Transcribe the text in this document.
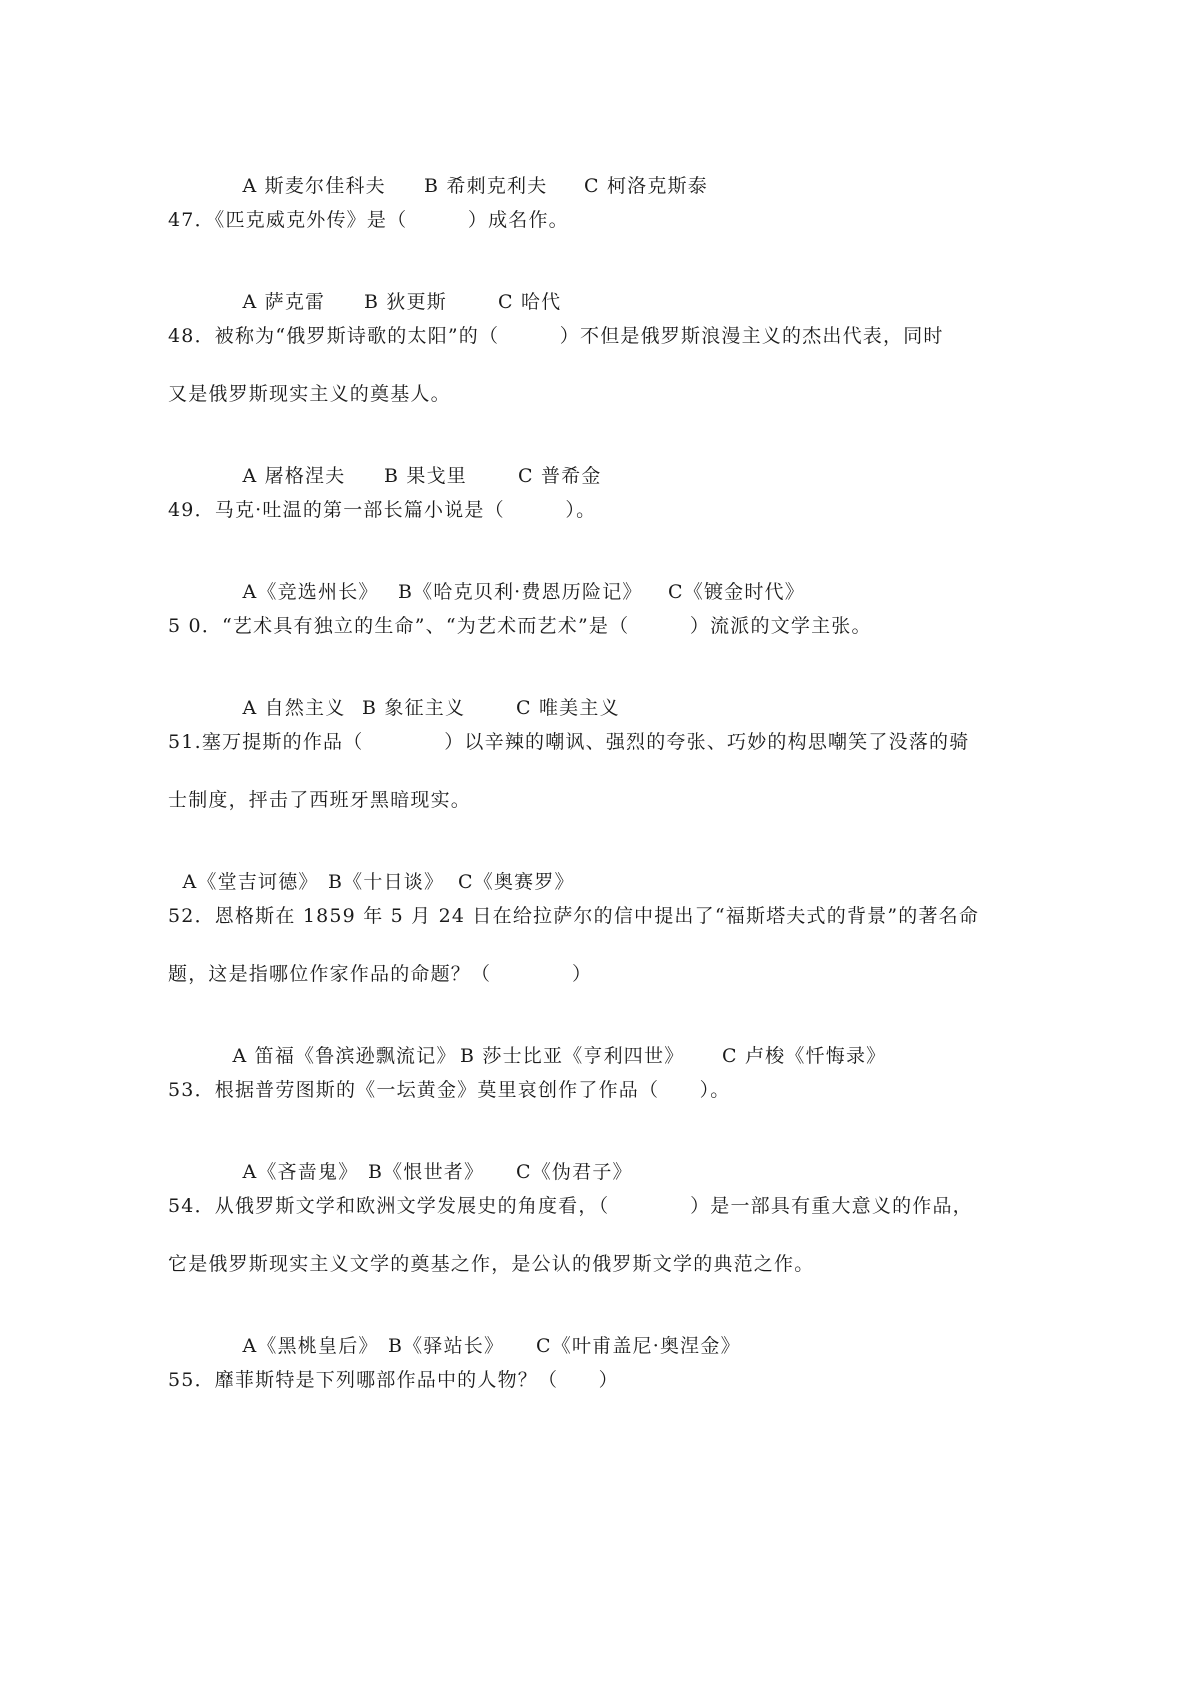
A 斯麦尔佳科夫 B 希刺克利夫 C 柯洛克斯泰

47．《匹克威克外传》是（　　　）成名作。

A 萨克雷 B 狄更斯	C 哈代

48．被称为“俄罗斯诗歌的太阳”的（　　　）不但是俄罗斯浪漫主义的杰出代表，同时
又是俄罗斯现实主义的奠基人。

A 屠格涅夫 B 果戈里	C 普希金

49．马克·吐温的第一部长篇小说是（　　　）。

A《竞选州长》 B《哈克贝利·费恩历险记》 C《镀金时代》

5 0．“艺术具有独立的生命”、“为艺术而艺术”是（　　　）流派的文学主张。

A 自然主义 B 象征主义	C 唯美主义

51.塞万提斯的作品（　　　　）以辛辣的嘲讽、强烈的夸张、巧妙的构思嘲笑了没落的骑
士制度，抨击了西班牙黑暗现实。

A《堂吉诃德》 B《十日谈》 C《奥赛罗》

52．恩格斯在 1859 年 5 月 24 日在给拉萨尔的信中提出了“福斯塔夫式的背景”的著名命
题，这是指哪位作家作品的命题？（　　　　）

A 笛福《鲁滨逊飘流记》 B 莎士比亚《亨利四世》 C 卢梭《忏悔录》

53．根据普劳图斯的《一坛黄金》莫里哀创作了作品（　　）。

A《吝啬鬼》 B《恨世者》 C《伪君子》

54．从俄罗斯文学和欧洲文学发展史的角度看，（　　　　）是一部具有重大意义的作品，
它是俄罗斯现实主义文学的奠基之作，是公认的俄罗斯文学的典范之作。

A《黑桃皇后》 B《驿站长》 C《叶甫盖尼·奥涅金》

55．靡菲斯特是下列哪部作品中的人物？（　　）
